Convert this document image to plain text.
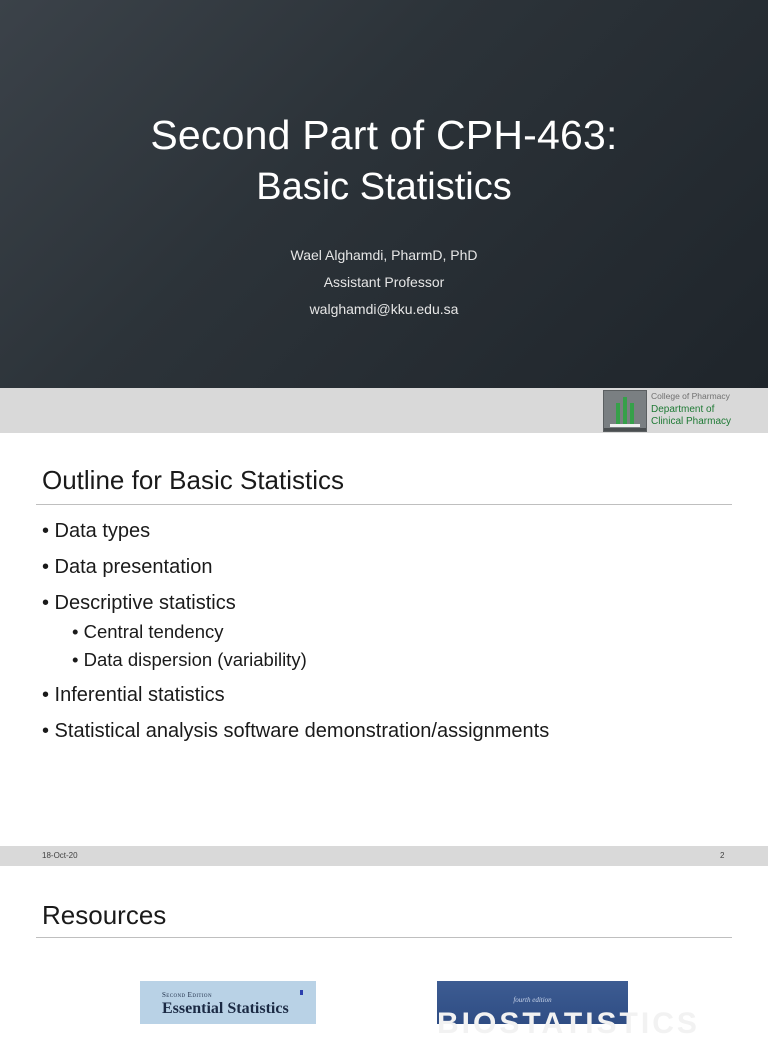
Second Part of CPH-463:
Basic Statistics
Wael Alghamdi, PharmD, PhD
Assistant Professor
walghamdi@kku.edu.sa
College of Pharmacy
Department of
Clinical Pharmacy
Outline for Basic Statistics
• Data types
• Data presentation
• Descriptive statistics
• Central tendency
• Data dispersion (variability)
• Inferential statistics
• Statistical analysis software demonstration/assignments
18-Oct-20	2
Resources
Second Edition
Essential Statistics	fourth edition
BIOSTATISTICS
